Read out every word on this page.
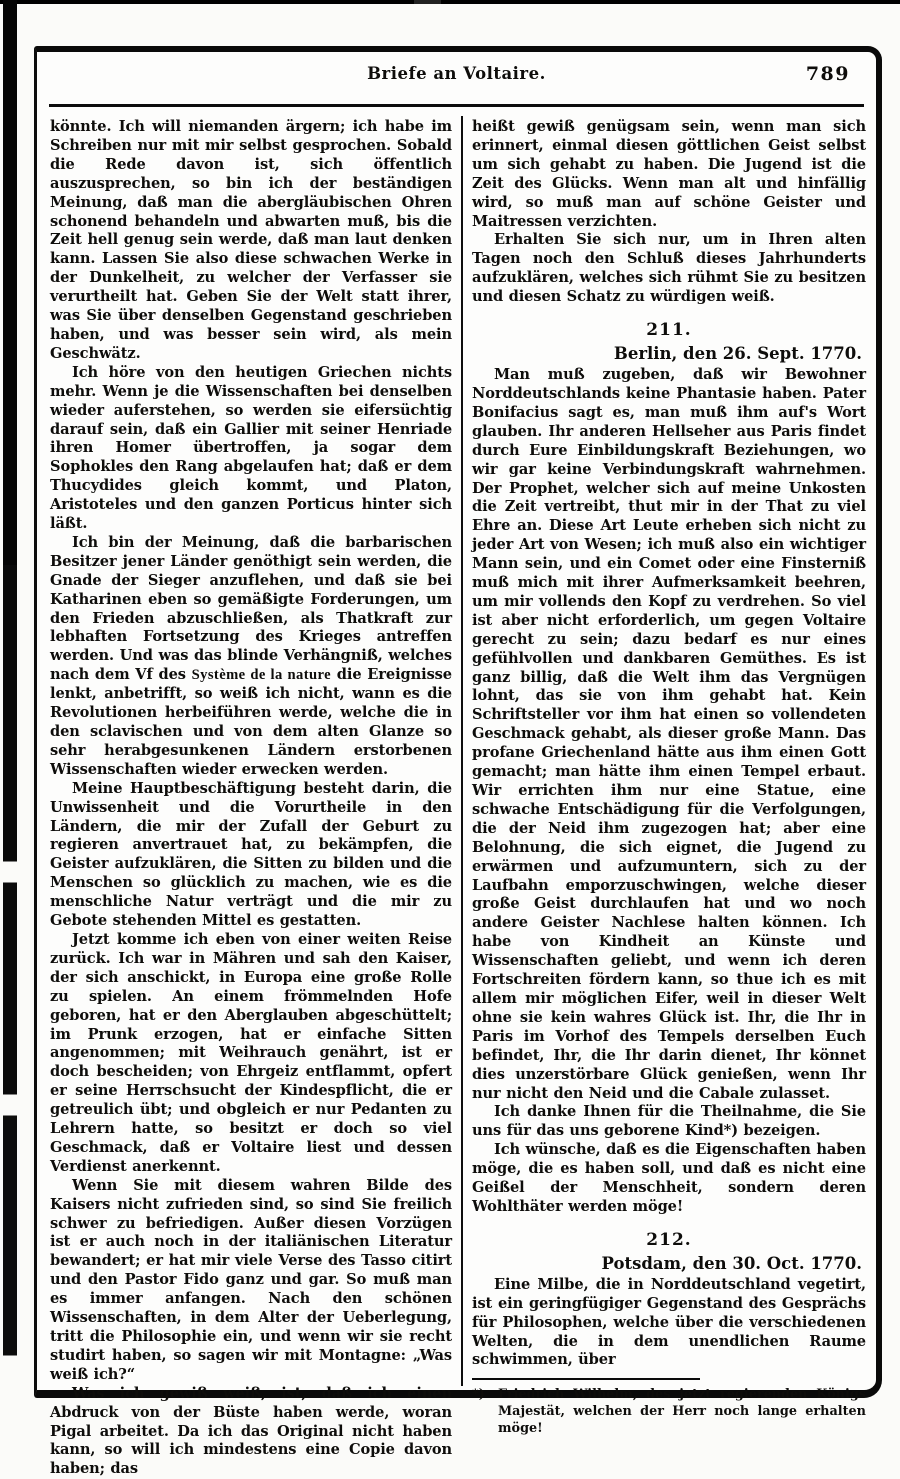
Briefe an Voltaire.	789

könnte. Ich will niemanden ärgern; ich habe im Schreiben nur mit mir selbst gesprochen. Sobald die Rede davon ist, sich öffentlich auszusprechen, so bin ich der beständigen Meinung, daß man die abergläubischen Ohren schonend behandeln und abwarten muß, bis die Zeit hell genug sein werde, daß man laut denken kann. Lassen Sie also diese schwachen Werke in der Dunkelheit, zu welcher der Verfasser sie verurtheilt hat. Geben Sie der Welt statt ihrer, was Sie über denselben Gegenstand geschrieben haben, und was besser sein wird, als mein Geschwätz.

Ich höre von den heutigen Griechen nichts mehr. Wenn je die Wissenschaften bei denselben wieder auferstehen, so werden sie eifersüchtig darauf sein, daß ein Gallier mit seiner Henriade ihren Homer übertroffen, ja sogar dem Sophokles den Rang abgelaufen hat; daß er dem Thucydides gleich kommt, und Platon, Aristoteles und den ganzen Porticus hinter sich läßt.

Ich bin der Meinung, daß die barbarischen Besitzer jener Länder genöthigt sein werden, die Gnade der Sieger anzuflehen, und daß sie bei Katharinen eben so gemäßigte Forderungen, um den Frieden abzuschließen, als Thatkraft zur lebhaften Fortsetzung des Krieges antreffen werden. Und was das blinde Verhängniß, welches nach dem Vf des Système de la nature die Ereignisse lenkt, anbetrifft, so weiß ich nicht, wann es die Revolutionen herbeiführen werde, welche die in den sclavischen und von dem alten Glanze so sehr herabgesunkenen Ländern erstorbenen Wissenschaften wieder erwecken werden.

Meine Hauptbeschäftigung besteht darin, die Unwissenheit und die Vorurtheile in den Ländern, die mir der Zufall der Geburt zu regieren anvertrauet hat, zu bekämpfen, die Geister aufzuklären, die Sitten zu bilden und die Menschen so glücklich zu machen, wie es die menschliche Natur verträgt und die mir zu Gebote stehenden Mittel es gestatten.

Jetzt komme ich eben von einer weiten Reise zurück. Ich war in Mähren und sah den Kaiser, der sich anschickt, in Europa eine große Rolle zu spielen. An einem frömmelnden Hofe geboren, hat er den Aberglauben abgeschüttelt; im Prunk erzogen, hat er einfache Sitten angenommen; mit Weihrauch genährt, ist er doch bescheiden; von Ehrgeiz entflammt, opfert er seine Herrschsucht der Kindespflicht, die er getreulich übt; und obgleich er nur Pedanten zu Lehrern hatte, so besitzt er doch so viel Geschmack, daß er Voltaire liest und dessen Verdienst anerkennt.

Wenn Sie mit diesem wahren Bilde des Kaisers nicht zufrieden sind, so sind Sie freilich schwer zu befriedigen. Außer diesen Vorzügen ist er auch noch in der italiänischen Literatur bewandert; er hat mir viele Verse des Tasso citirt und den Pastor Fido ganz und gar. So muß man es immer anfangen. Nach den schönen Wissenschaften, in dem Alter der Ueberlegung, tritt die Philosophie ein, und wenn wir sie recht studirt haben, so sagen wir mit Montagne: „Was weiß ich?“

Was ich gewiß weiß, ist, daß ich einen Abdruck von der Büste haben werde, woran Pigal arbeitet. Da ich das Original nicht haben kann, so will ich mindestens eine Copie davon haben; das

heißt gewiß genügsam sein, wenn man sich erinnert, einmal diesen göttlichen Geist selbst um sich gehabt zu haben. Die Jugend ist die Zeit des Glücks. Wenn man alt und hinfällig wird, so muß man auf schöne Geister und Maitressen verzichten.

Erhalten Sie sich nur, um in Ihren alten Tagen noch den Schluß dieses Jahrhunderts aufzuklären, welches sich rühmt Sie zu besitzen und diesen Schatz zu würdigen weiß.

211.
Berlin, den 26. Sept. 1770.

Man muß zugeben, daß wir Bewohner Norddeutschlands keine Phantasie haben. Pater Bonifacius sagt es, man muß ihm auf's Wort glauben. Ihr anderen Hellseher aus Paris findet durch Eure Einbildungskraft Beziehungen, wo wir gar keine Verbindungskraft wahrnehmen. Der Prophet, welcher sich auf meine Unkosten die Zeit vertreibt, thut mir in der That zu viel Ehre an. Diese Art Leute erheben sich nicht zu jeder Art von Wesen; ich muß also ein wichtiger Mann sein, und ein Comet oder eine Finsterniß muß mich mit ihrer Aufmerksamkeit beehren, um mir vollends den Kopf zu verdrehen. So viel ist aber nicht erforderlich, um gegen Voltaire gerecht zu sein; dazu bedarf es nur eines gefühlvollen und dankbaren Gemüthes. Es ist ganz billig, daß die Welt ihm das Vergnügen lohnt, das sie von ihm gehabt hat. Kein Schriftsteller vor ihm hat einen so vollendeten Geschmack gehabt, als dieser große Mann. Das profane Griechenland hätte aus ihm einen Gott gemacht; man hätte ihm einen Tempel erbaut. Wir errichten ihm nur eine Statue, eine schwache Entschädigung für die Verfolgungen, die der Neid ihm zugezogen hat; aber eine Belohnung, die sich eignet, die Jugend zu erwärmen und aufzumuntern, sich zu der Laufbahn emporzuschwingen, welche dieser große Geist durchlaufen hat und wo noch andere Geister Nachlese halten können. Ich habe von Kindheit an Künste und Wissenschaften geliebt, und wenn ich deren Fortschreiten fördern kann, so thue ich es mit allem mir möglichen Eifer, weil in dieser Welt ohne sie kein wahres Glück ist. Ihr, die Ihr in Paris im Vorhof des Tempels derselben Euch befindet, Ihr, die Ihr darin dienet, Ihr könnet dies unzerstörbare Glück genießen, wenn Ihr nur nicht den Neid und die Cabale zulasset.

Ich danke Ihnen für die Theilnahme, die Sie uns für das uns geborene Kind*) bezeigen.

Ich wünsche, daß es die Eigenschaften haben möge, die es haben soll, und daß es nicht eine Geißel der Menschheit, sondern deren Wohlthäter werden möge!

212.
Potsdam, den 30. Oct. 1770.

Eine Milbe, die in Norddeutschland vegetirt, ist ein geringfügiger Gegenstand des Gesprächs für Philosophen, welche über die verschiedenen Welten, die in dem unendlichen Raume schwimmen, über

*)	Friedrich Wilhelm, des jetzt regierenden Königs Majestät, welchen der Herr noch lange erhalten möge!
